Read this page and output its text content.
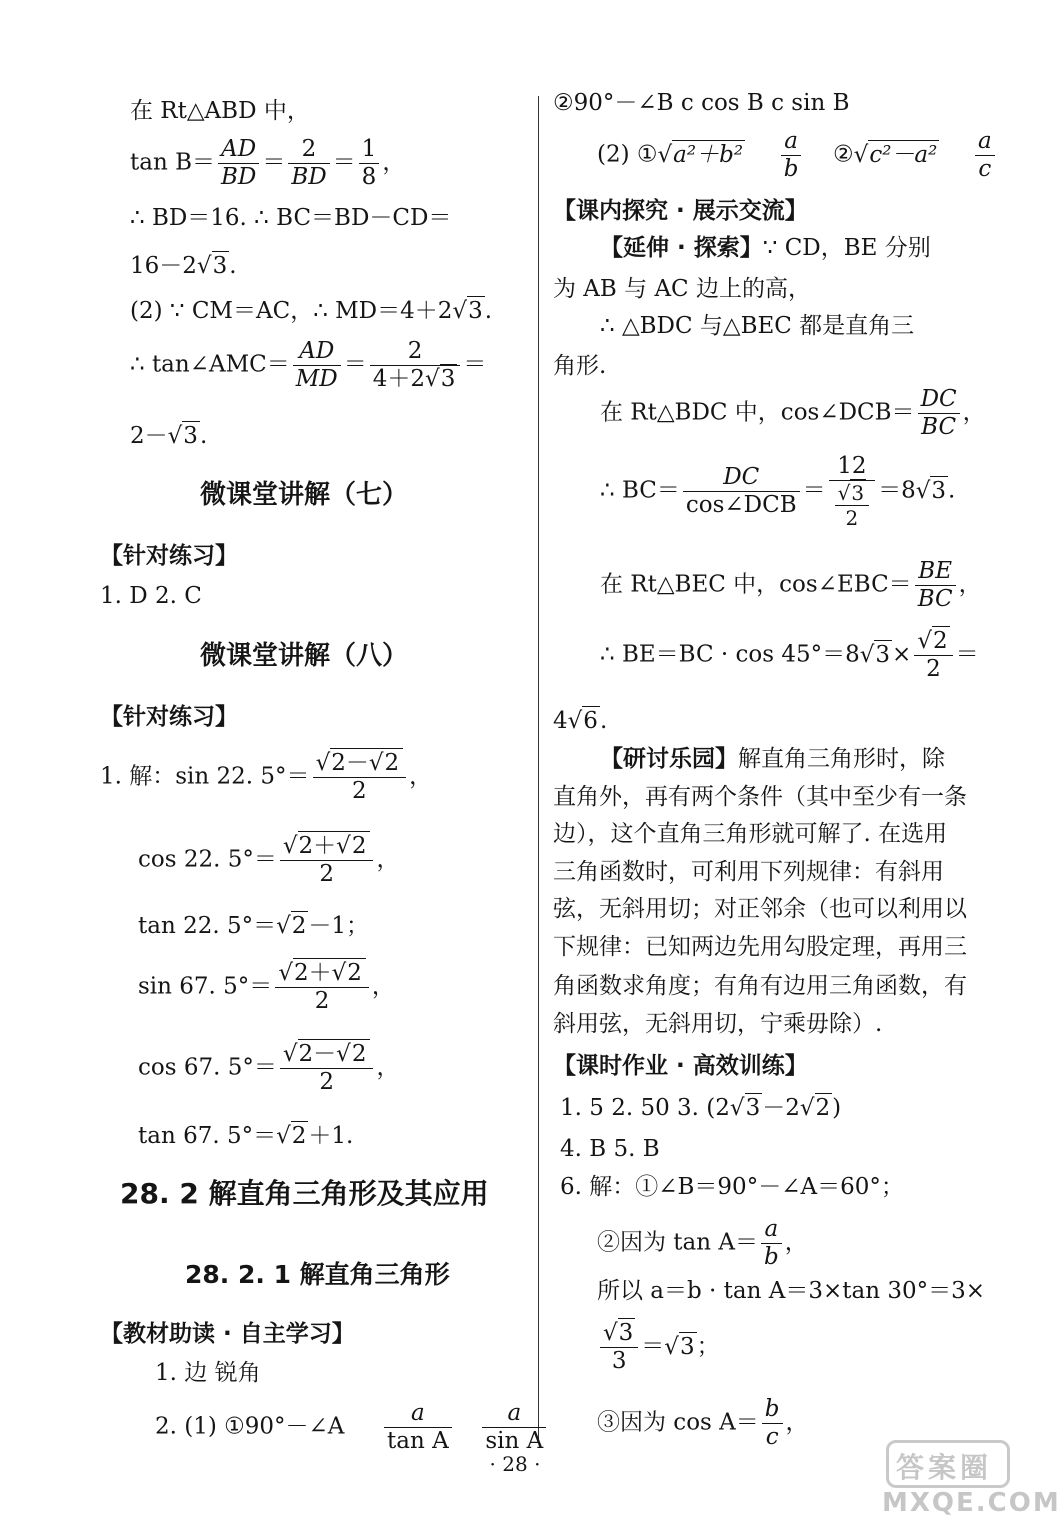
在 Rt△ABD 中，
$\tan B= \frac{AD}{BD} = \frac{2}{BD} = \frac{1}{8}$ ，
∴ BD＝16. ∴ BC＝BD－CD＝
16－2√3.
(2) ∵ CM＝AC，∴ MD＝4＋2√3.
∴ tan∠AMC＝ $\frac{AD}{MD} = \frac{2}{4+2√3}$ ＝
2－√3.
微课堂讲解（七）
【针对练习】
1. D 2. C
微课堂讲解（八）
【针对练习】
1. 解：sin 22. $5^\circ= \frac{√2-√2}{2}$ ，
cos 22. $5^\circ= \frac{√2+√2}{2}$ ，
tan 22. 5°＝√2－1；
sin 67. $5^\circ= \frac{√2+√2}{2}$ ，
cos 67. $5^\circ= \frac{√2-√2}{2}$ ，
tan 67. 5°＝√2＋1.
28. 2 解直角三角形及其应用
28. 2. 1 解直角三角形
【教材助读 · 自主学习】
1. 边 锐角
2. (1) ①90°－∠A $\frac{a}{\text{tan A}}$
$\frac{a}{\text{sin A}}$
②90°－∠B c cos B c sin B
(2) ①√a²＋b² $\frac{a}{b}$ ②√c²－a² $\frac{a}{c}$
【课内探究 · 展示交流】
【延伸 · 探索】∵ CD，BE 分别
为 AB 与 AC 边上的高，
∴ △BDC 与△BEC 都是直角三
角形.
在 Rt△BDC 中，cos∠DCB＝ $\frac{DC}{BC}$ ，
∴ $BC= \frac{DC}{\text{cos∠DCB}} = \frac{12}{\frac{√3}{2}} =8√3$.
在 Rt△BEC 中，cos∠EBC＝ $\frac{BE}{BC}$ ，
∴ $BE=BC \cdot \cos 45^\circ=8√3\times \frac{√2}{2}$ ＝
4√6.
【研讨乐园】解直角三角形时，除
直角外，再有两个条件（其中至少有一条
边），这个直角三角形就可解了. 在选用
三角函数时，可利用下列规律：有斜用
弦，无斜用切；对正邻余（也可以利用以
下规律：已知两边先用勾股定理，再用三
角函数求角度；有角有边用三角函数，有
斜用弦，无斜用切，宁乘毋除）.
【课时作业 · 高效训练】
1. 5 2. 50 3. (2√3－2√2)
4. B 5. B
6. 解：①∠B＝90°－∠A＝60°；
②因为 $\tan A= \frac{a}{b}$ ，
所以 a＝b · tan A＝3×tan 30°＝3×
$\frac{√3}{3} =√3$；
③因为 $\cos A= \frac{b}{c}$ ，
· 28 ·	答案圈
MXQE.COM
